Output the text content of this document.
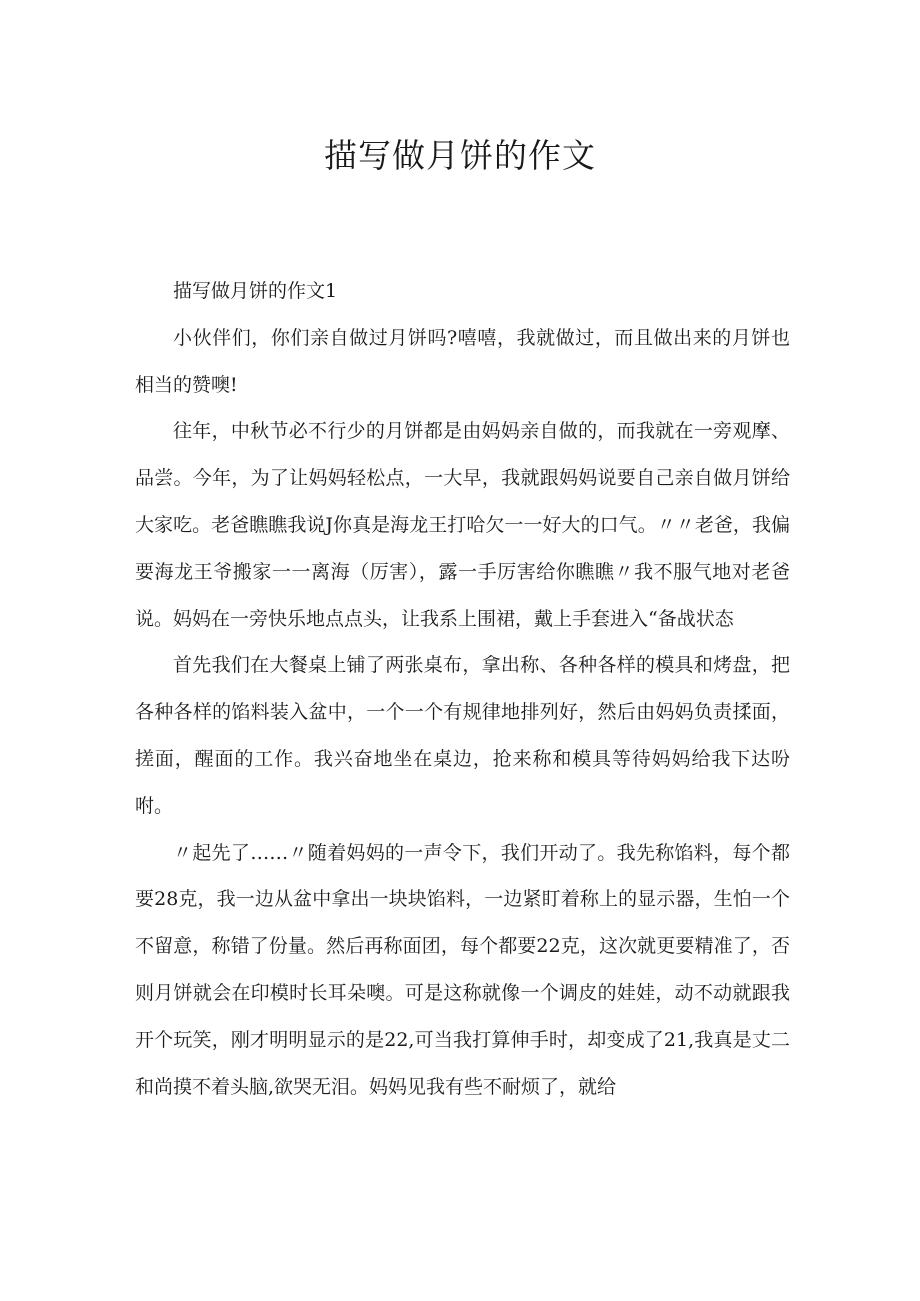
描写做月饼的作文

描写做月饼的作文1

小伙伴们，你们亲自做过月饼吗?嘻嘻，我就做过，而且做出来的月饼也相当的赞噢!

往年，中秋节必不行少的月饼都是由妈妈亲自做的，而我就在一旁观摩、品尝。今年，为了让妈妈轻松点，一大早，我就跟妈妈说要自己亲自做月饼给大家吃。老爸瞧瞧我说J你真是海龙王打哈欠一一好大的口气。〃〃老爸，我偏要海龙王爷搬家一一离海（厉害），露一手厉害给你瞧瞧〃我不服气地对老爸说。妈妈在一旁快乐地点点头，让我系上围裙，戴上手套进入“备战状态

首先我们在大餐桌上铺了两张桌布，拿出称、各种各样的模具和烤盘，把各种各样的馅料装入盆中，一个一个有规律地排列好，然后由妈妈负责揉面，搓面，醒面的工作。我兴奋地坐在桌边，抢来称和模具等待妈妈给我下达吩咐。

〃起先了……〃随着妈妈的一声令下，我们开动了。我先称馅料，每个都要28克，我一边从盆中拿出一块块馅料，一边紧盯着称上的显示器，生怕一个不留意，称错了份量。然后再称面团，每个都要22克，这次就更要精准了，否则月饼就会在印模时长耳朵噢。可是这称就像一个调皮的娃娃，动不动就跟我开个玩笑，刚才明明显示的是22,可当我打算伸手时，却变成了21,我真是丈二和尚摸不着头脑,欲哭无泪。妈妈见我有些不耐烦了，就给
